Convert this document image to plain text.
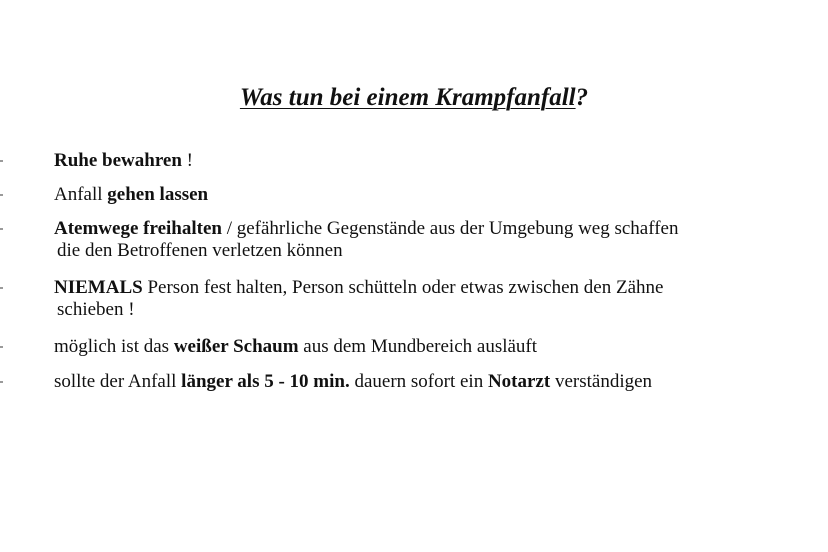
Was tun bei einem Krampfanfall?
Ruhe bewahren !
Anfall gehen lassen
Atemwege freihalten / gefährliche Gegenstände aus der Umgebung weg schaffen
die den Betroffenen verletzen können
NIEMALS Person fest halten, Person schütteln oder etwas zwischen den Zähne
schieben !
möglich ist das weißer Schaum aus dem Mundbereich ausläuft
sollte der Anfall länger als 5 - 10 min. dauern sofort ein Notarzt verständigen
